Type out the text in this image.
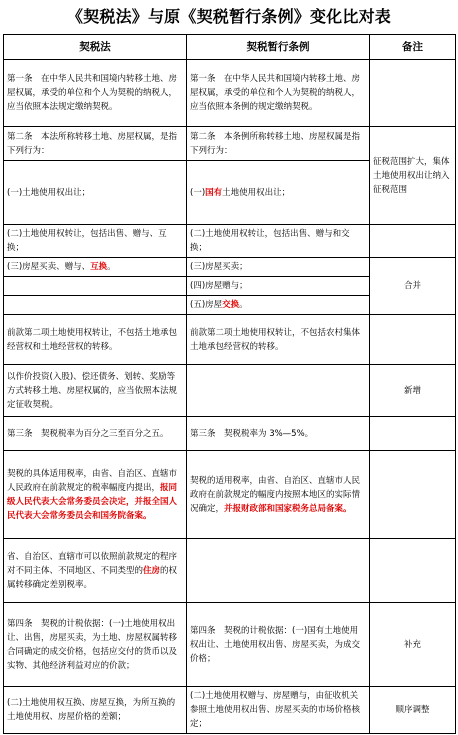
《契税法》与原《契税暂行条例》变化比对表
契税法	契税暂行条例	备注
第一条　在中华人民共和国境内转移土地、房屋权属，承受的单位和个人为契税的纳税人，应当依照本法规定缴纳契税。	第一条　在中华人民共和国境内转移土地、房屋权属，承受的单位和个人为契税的纳税人，应当依照本条例的规定缴纳契税。	
第二条　本法所称转移土地、房屋权属，是指下列行为：	第二条　本条例所称转移土地、房屋权属是指下列行为：	征税范围扩大，集体土地使用权出让纳入征税范围
(一)土地使用权出让；	(一)国有土地使用权出让；	
(二)土地使用权转让，包括出售、赠与、互换；	(二)土地使用权转让，包括出售、赠与和交换；	
(三)房屋买卖、赠与、互换。	(三)房屋买卖；	合并
	(四)房屋赠与；	
	(五)房屋交换。	
前款第二项土地使用权转让，不包括土地承包经营权和土地经营权的转移。	前款第二项土地使用权转让，不包括农村集体土地承包经营权的转移。	
以作价投资(入股)、偿还债务、划转、奖励等方式转移土地、房屋权属的，应当依照本法规定征收契税。		新增
第三条　契税税率为百分之三至百分之五。	第三条　契税税率为 3%—5%。	
契税的具体适用税率，由省、自治区、直辖市人民政府在前款规定的税率幅度内提出，报同级人民代表大会常务委员会决定，并报全国人民代表大会常务委员会和国务院备案。	契税的适用税率，由省、自治区、直辖市人民政府在前款规定的幅度内按照本地区的实际情况确定，并报财政部和国家税务总局备案。	
省、自治区、直辖市可以依照前款规定的程序对不同主体、不同地区、不同类型的住房的权属转移确定差别税率。		
第四条　契税的计税依据：(一)土地使用权出让、出售，房屋买卖，为土地、房屋权属转移合同确定的成交价格，包括应交付的货币以及实物、其他经济利益对应的价款；	第四条　契税的计税依据：(一)国有土地使用权出让、土地使用权出售、房屋买卖，为成交价格；	补充
(二)土地使用权互换、房屋互换，为所互换的土地使用权、房屋价格的差额；	(二)土地使用权赠与、房屋赠与，由征收机关参照土地使用权出售、房屋买卖的市场价格核定；	顺序调整
